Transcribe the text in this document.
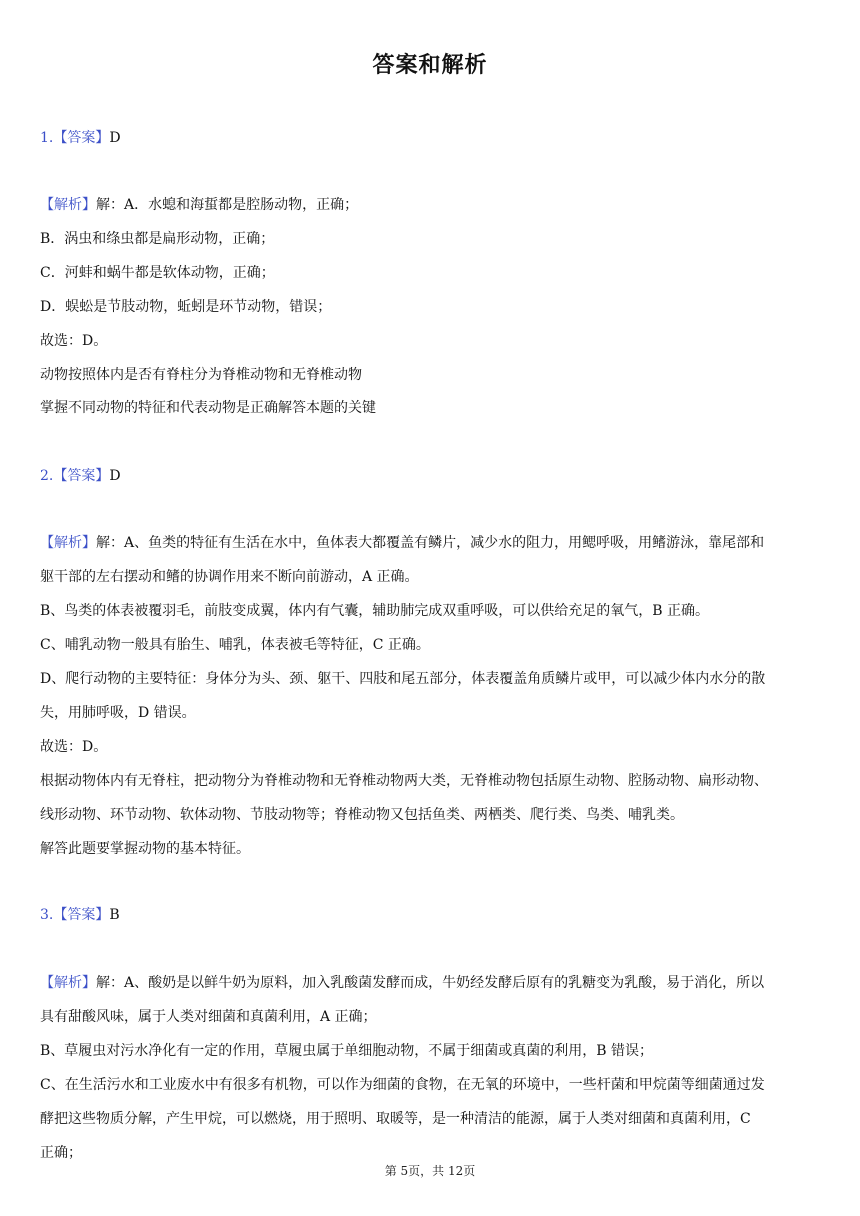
答案和解析
1.【答案】D
【解析】解：A．水螅和海蜇都是腔肠动物，正确；
B．涡虫和绦虫都是扁形动物，正确；
C．河蚌和蜗牛都是软体动物，正确；
D．蜈蚣是节肢动物，蚯蚓是环节动物，错误；
故选：D。
动物按照体内是否有脊柱分为脊椎动物和无脊椎动物
掌握不同动物的特征和代表动物是正确解答本题的关键
2.【答案】D
【解析】解：A、鱼类的特征有生活在水中，鱼体表大都覆盖有鳞片，减少水的阻力，用鳃呼吸，用鳍游泳，靠尾部和
躯干部的左右摆动和鳍的协调作用来不断向前游动，A 正确。
B、鸟类的体表被覆羽毛，前肢变成翼，体内有气囊，辅助肺完成双重呼吸，可以供给充足的氧气，B 正确。
C、哺乳动物一般具有胎生、哺乳，体表被毛等特征，C 正确。
D、爬行动物的主要特征：身体分为头、颈、躯干、四肢和尾五部分，体表覆盖角质鳞片或甲，可以减少体内水分的散
失，用肺呼吸，D 错误。
故选：D。
根据动物体内有无脊柱，把动物分为脊椎动物和无脊椎动物两大类，无脊椎动物包括原生动物、腔肠动物、扁形动物、
线形动物、环节动物、软体动物、节肢动物等；脊椎动物又包括鱼类、两栖类、爬行类、鸟类、哺乳类。
解答此题要掌握动物的基本特征。
3.【答案】B
【解析】解：A、酸奶是以鲜牛奶为原料，加入乳酸菌发酵而成，牛奶经发酵后原有的乳糖变为乳酸，易于消化，所以
具有甜酸风味，属于人类对细菌和真菌利用，A 正确；
B、草履虫对污水净化有一定的作用，草履虫属于单细胞动物，不属于细菌或真菌的利用，B 错误；
C、在生活污水和工业废水中有很多有机物，可以作为细菌的食物，在无氧的环境中，一些杆菌和甲烷菌等细菌通过发
酵把这些物质分解，产生甲烷，可以燃烧，用于照明、取暖等，是一种清洁的能源，属于人类对细菌和真菌利用，C
正确；
第 5页，共 12页
